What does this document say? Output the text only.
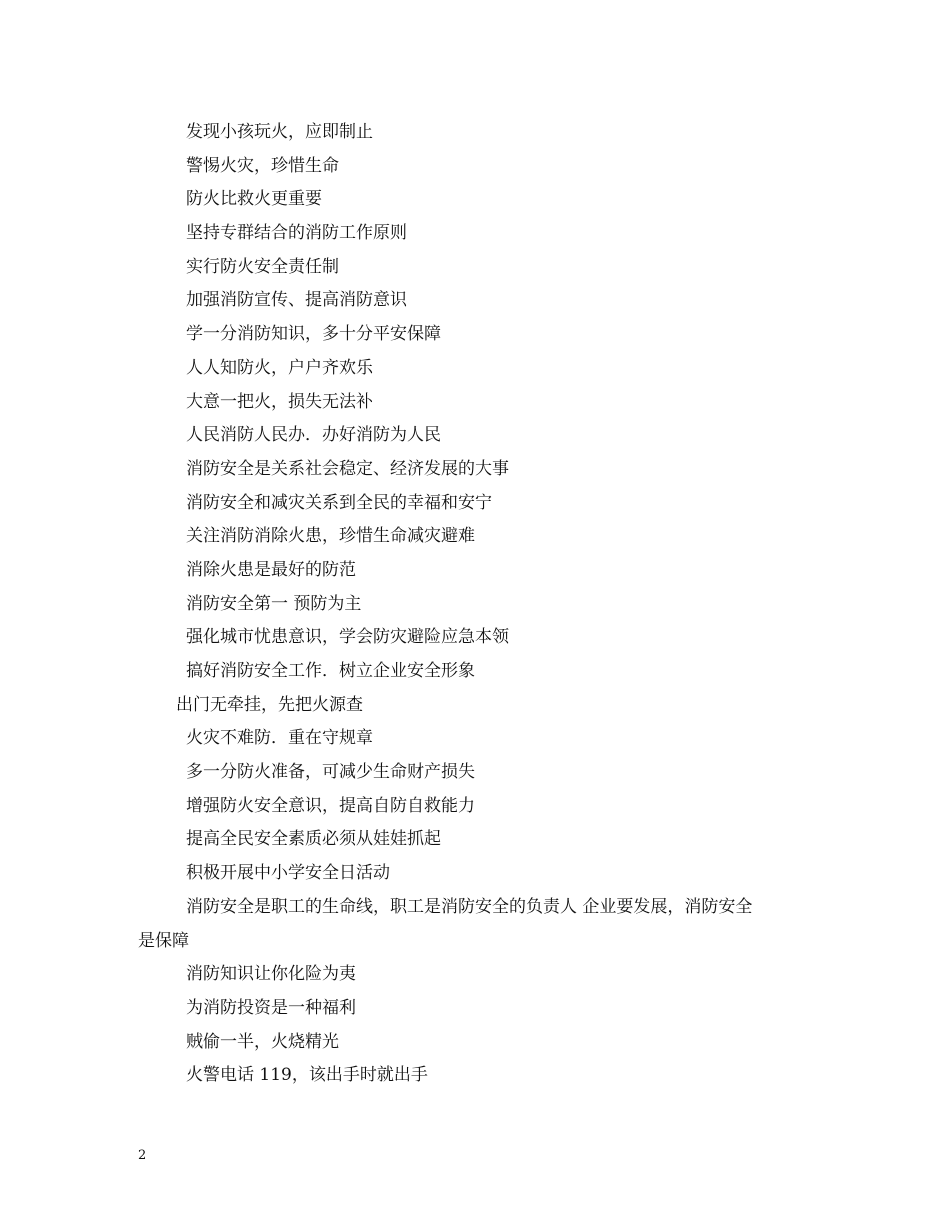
发现小孩玩火，应即制止
警惕火灾，珍惜生命
防火比救火更重要
坚持专群结合的消防工作原则
实行防火安全责任制
加强消防宣传、提高消防意识
学一分消防知识，多十分平安保障
人人知防火，户户齐欢乐
大意一把火，损失无法补
人民消防人民办．办好消防为人民
消防安全是关系社会稳定、经济发展的大事
消防安全和减灾关系到全民的幸福和安宁
关注消防消除火患，珍惜生命减灾避难
消除火患是最好的防范
消防安全第一 预防为主
强化城市忧患意识，学会防灾避险应急本领
搞好消防安全工作．树立企业安全形象
出门无牵挂，先把火源查
火灾不难防．重在守规章
多一分防火准备，可减少生命财产损失
增强防火安全意识，提高自防自救能力
提高全民安全素质必须从娃娃抓起
积极开展中小学安全日活动
消防安全是职工的生命线，职工是消防安全的负责人 企业要发展，消防安全
是保障
消防知识让你化险为夷
为消防投资是一种福利
贼偷一半，火烧精光
火警电话 119，该出手时就出手
2
